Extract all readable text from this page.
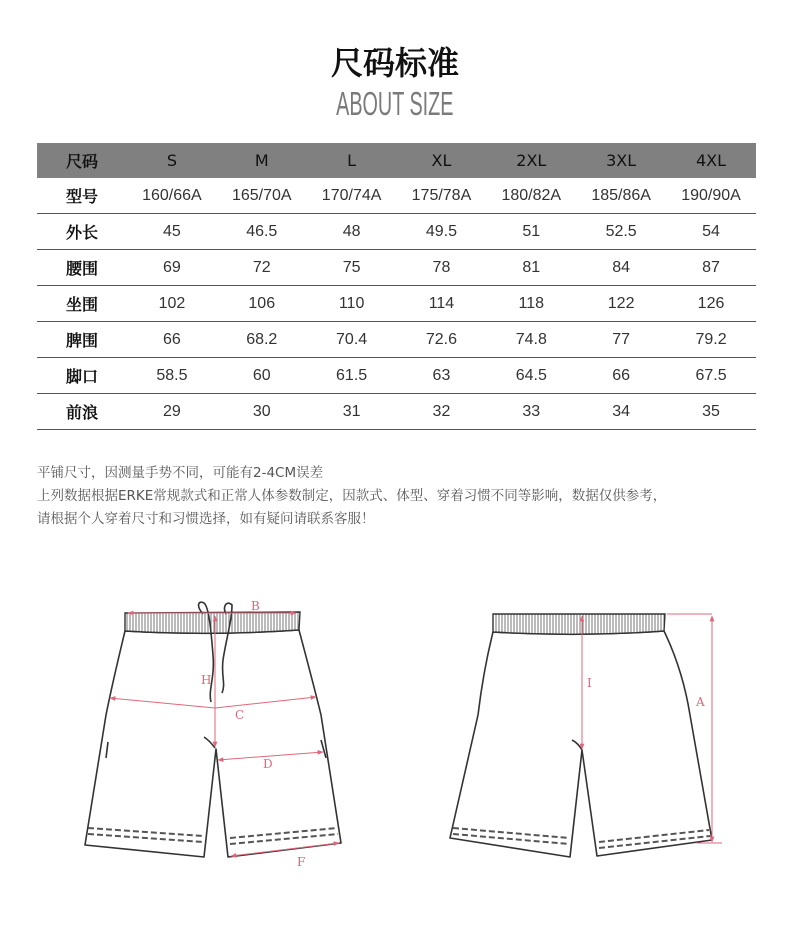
尺码标准
ABOUT SIZE
尺码	S	M	L	XL	2XL	3XL	4XL
型号	160/66A	165/70A	170/74A	175/78A	180/82A	185/86A	190/90A
外长	45	46.5	48	49.5	51	52.5	54
腰围	69	72	75	78	81	84	87
坐围	102	106	110	114	118	122	126
脾围	66	68.2	70.4	72.6	74.8	77	79.2
脚口	58.5	60	61.5	63	64.5	66	67.5
前浪	29	30	31	32	33	34	35
平铺尺寸，因测量手势不同，可能有2-4CM误差
上列数据根据ERKE常规款式和正常人体参数制定，因款式、体型、穿着习惯不同等影响，数据仅供参考，
请根据个人穿着尺寸和习惯选择，如有疑问请联系客服！
B
H
C
D
F
I
A
